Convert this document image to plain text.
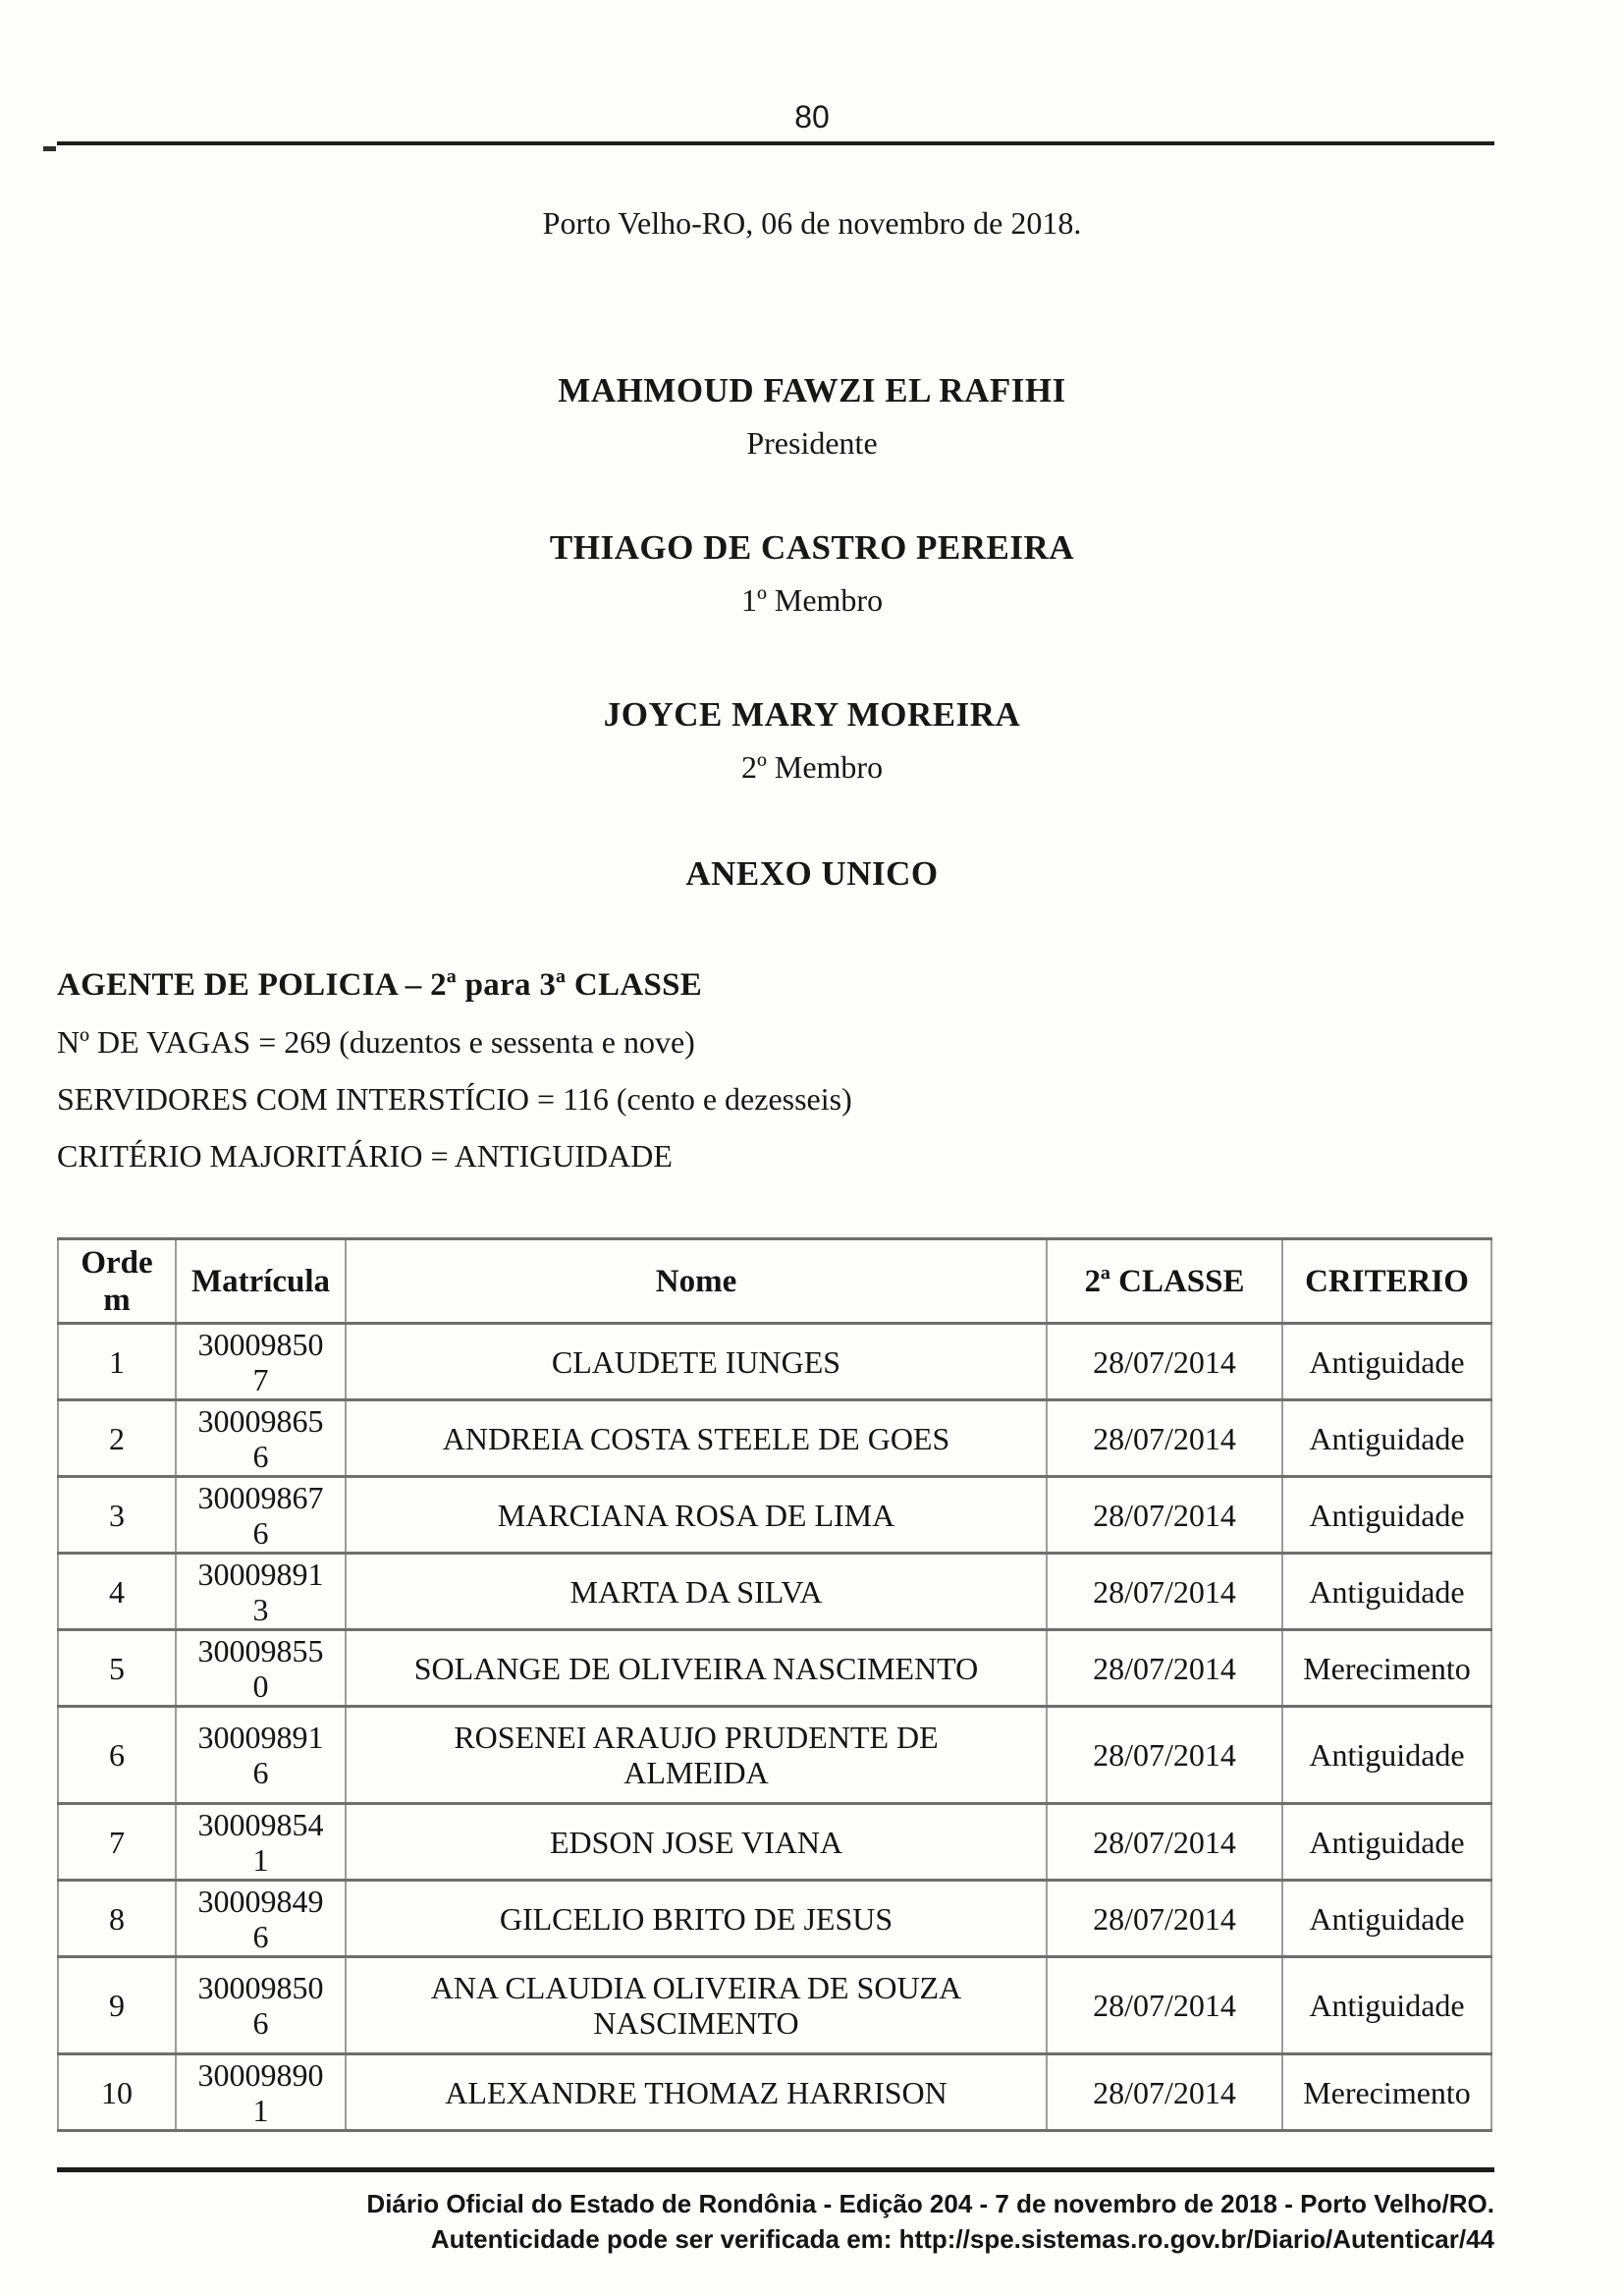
80
Porto Velho-RO, 06 de novembro de 2018.
MAHMOUD FAWZI EL RAFIHI
Presidente
THIAGO DE CASTRO PEREIRA
1º Membro
JOYCE MARY MOREIRA
2º Membro
ANEXO UNICO
AGENTE DE POLICIA – 2ª para 3ª CLASSE
Nº DE VAGAS = 269 (duzentos e sessenta e nove)
SERVIDORES COM INTERSTÍCIO = 116 (cento e dezesseis)
CRITÉRIO MAJORITÁRIO = ANTIGUIDADE
Ordem	Matrícula	Nome	2ª CLASSE	CRITERIO
1	300098507	CLAUDETE IUNGES	28/07/2014	Antiguidade
2	300098656	ANDREIA COSTA STEELE DE GOES	28/07/2014	Antiguidade
3	300098676	MARCIANA ROSA DE LIMA	28/07/2014	Antiguidade
4	300098913	MARTA DA SILVA	28/07/2014	Antiguidade
5	300098550	SOLANGE DE OLIVEIRA NASCIMENTO	28/07/2014	Merecimento
6	300098916	ROSENEI ARAUJO PRUDENTE DE ALMEIDA	28/07/2014	Antiguidade
7	300098541	EDSON JOSE VIANA	28/07/2014	Antiguidade
8	300098496	GILCELIO BRITO DE JESUS	28/07/2014	Antiguidade
9	300098506	ANA CLAUDIA OLIVEIRA DE SOUZA NASCIMENTO	28/07/2014	Antiguidade
10	300098901	ALEXANDRE THOMAZ HARRISON	28/07/2014	Merecimento
Diário Oficial do Estado de Rondônia - Edição 204 - 7 de novembro de 2018 - Porto Velho/RO.
Autenticidade pode ser verificada em: http://spe.sistemas.ro.gov.br/Diario/Autenticar/44
